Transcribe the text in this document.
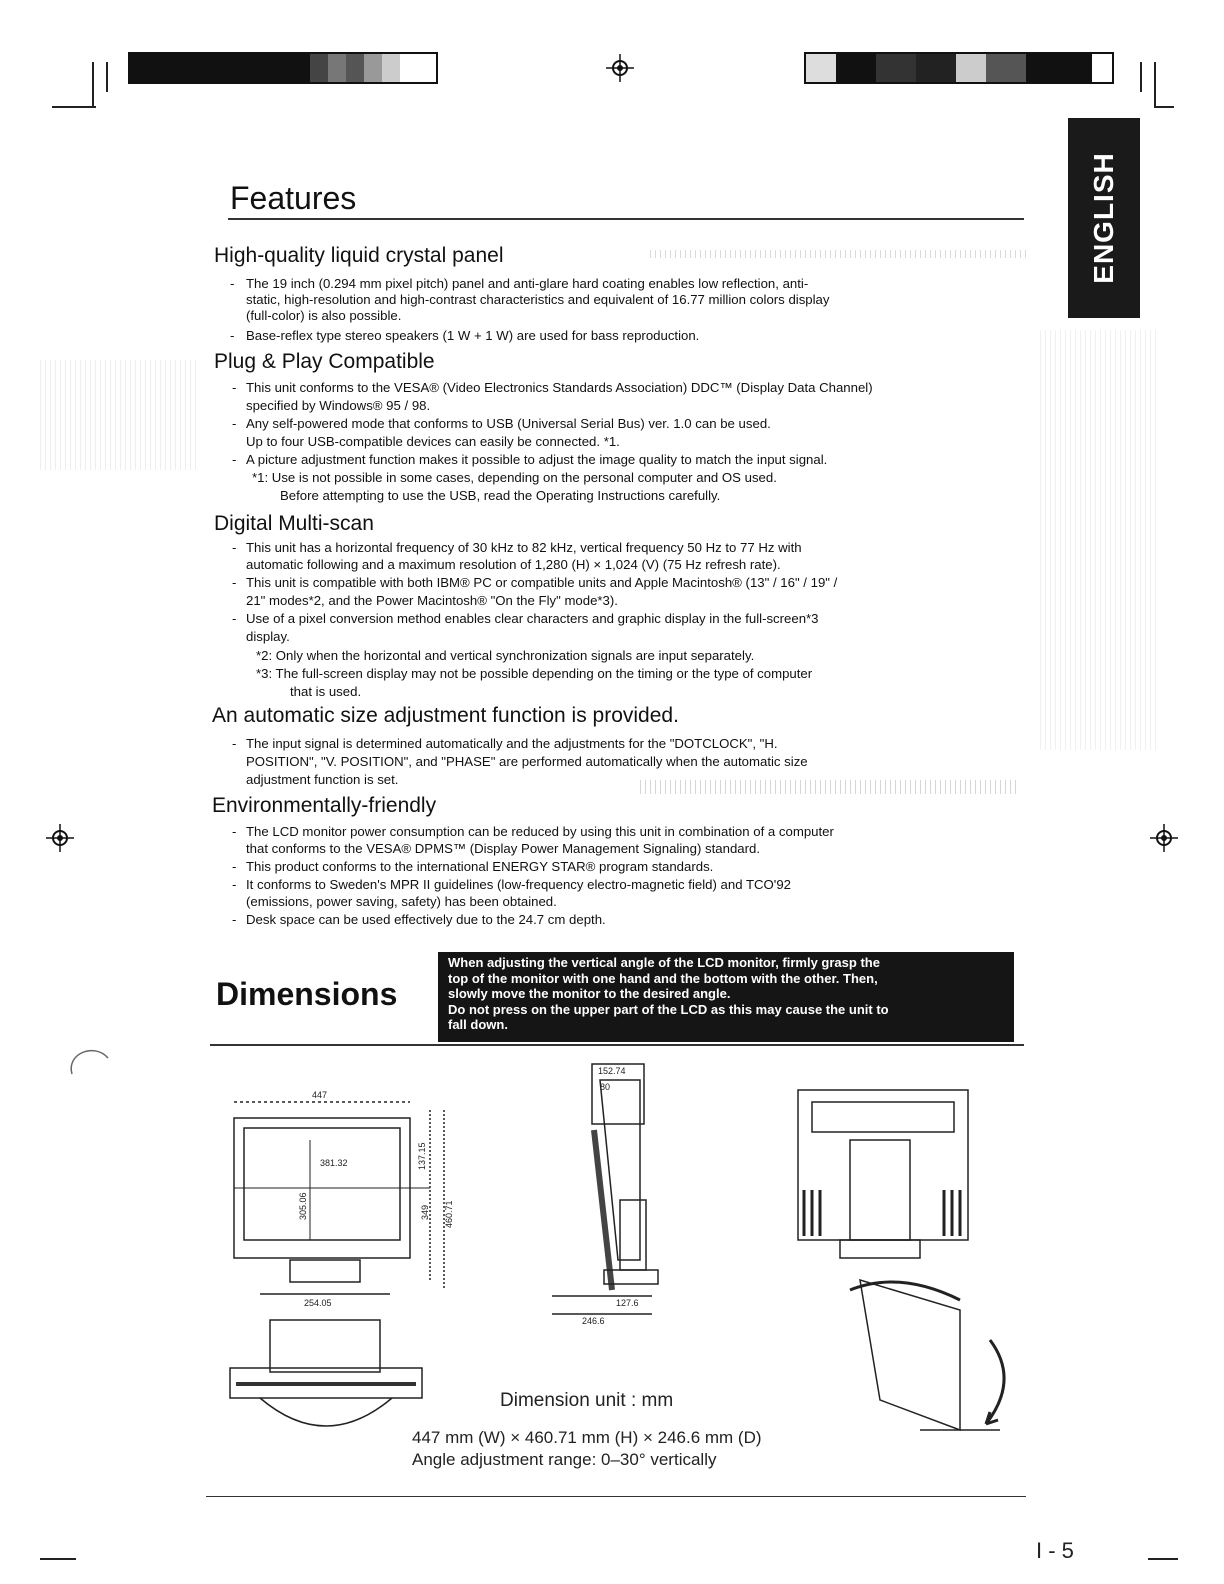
ENGLISH
Features
High-quality liquid crystal panel
Plug & Play Compatible
Digital Multi-scan
An automatic size adjustment function is provided.
Environmentally-friendly
- The 19 inch (0.294 mm pixel pitch) panel and anti-glare hard coating enables low reflection, anti-
static, high-resolution and high-contrast characteristics and equivalent of 16.77 million colors display
(full-color) is also possible.
- Base-reflex type stereo speakers (1 W + 1 W) are used for bass reproduction.
- This unit conforms to the VESA® (Video Electronics Standards Association) DDC™ (Display Data Channel)
specified by Windows® 95 / 98.
- Any self-powered mode that conforms to USB (Universal Serial Bus) ver. 1.0 can be used.
Up to four USB-compatible devices can easily be connected. *1.
- A picture adjustment function makes it possible to adjust the image quality to match the input signal.
*1: Use is not possible in some cases, depending on the personal computer and OS used.
Before attempting to use the USB, read the Operating Instructions carefully.
- This unit has a horizontal frequency of 30 kHz to 82 kHz, vertical frequency 50 Hz to 77 Hz with
automatic following and a maximum resolution of 1,280 (H) × 1,024 (V) (75 Hz refresh rate).
- This unit is compatible with both IBM® PC or compatible units and Apple Macintosh® (13" / 16" / 19" /
21" modes*2, and the Power Macintosh® "On the Fly" mode*3).
- Use of a pixel conversion method enables clear characters and graphic display in the full-screen*3
display.
*2: Only when the horizontal and vertical synchronization signals are input separately.
*3: The full-screen display may not be possible depending on the timing or the type of computer
that is used.
- The input signal is determined automatically and the adjustments for the "DOTCLOCK", "H.
POSITION", "V. POSITION", and "PHASE" are performed automatically when the automatic size
adjustment function is set.
- The LCD monitor power consumption can be reduced by using this unit in combination of a computer
that conforms to the VESA® DPMS™ (Display Power Management Signaling) standard.
- This product conforms to the international ENERGY STAR® program standards.
- It conforms to Sweden's MPR II guidelines (low-frequency electro-magnetic field) and TCO'92
(emissions, power saving, safety) has been obtained.
- Desk space can be used effectively due to the 24.7 cm depth.
Dimensions
When adjusting the vertical angle of the LCD monitor, firmly grasp the
top of the monitor with one hand and the bottom with the other. Then,
slowly move the monitor to the desired angle.
Do not press on the upper part of the LCD as this may cause the unit to
fall down.
447
381.32
254.05
305.06
137.15
349 460.71
152.74
80
127.6
246.6
Dimension unit : mm
447 mm (W) × 460.71 mm (H) × 246.6 mm (D)
Angle adjustment range: 0–30° vertically
I - 5
